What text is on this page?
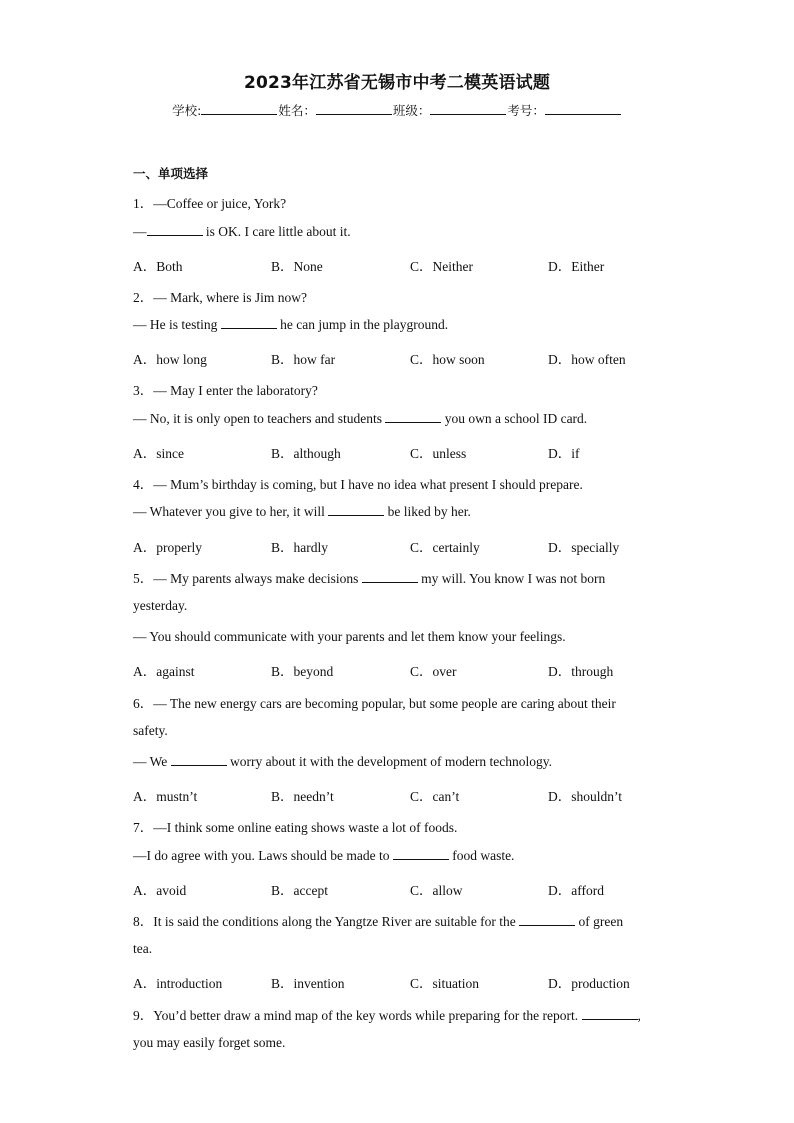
2023年江苏省无锡市中考二模英语试题
学校:	姓名：	班级：	考号：
一、单项选择
1．—Coffee or juice, York?
—	is OK. I care little about it.
A．Both	B．None	C．Neither	D．Either
2．— Mark, where is Jim now?
— He is testing	he can jump in the playground.
A．how long	B．how far	C．how soon	D．how often
3．— May I enter the laboratory?
— No, it is only open to teachers and students	you own a school ID card.
A．since	B．although	C．unless	D．if
4．— Mum’s birthday is coming, but I have no idea what present I should prepare.
— Whatever you give to her, it will	be liked by her.
A．properly	B．hardly	C．certainly	D．specially
5．— My parents always make decisions	my will. You know I was not born
yesterday.
— You should communicate with your parents and let them know your feelings.
A．against	B．beyond	C．over	D．through
6．— The new energy cars are becoming popular, but some people are caring about their
safety.
— We	worry about it with the development of modern technology.
A．mustn’t	B．needn’t	C．can’t	D．shouldn’t
7．—I think some online eating shows waste a lot of foods.
—I do agree with you. Laws should be made to	food waste.
A．avoid	B．accept	C．allow	D．afford
8．It is said the conditions along the Yangtze River are suitable for the	of green
tea.
A．introduction	B．invention	C．situation	D．production
9．You’d better draw a mind map of the key words while preparing for the report.	,
you may easily forget some.
